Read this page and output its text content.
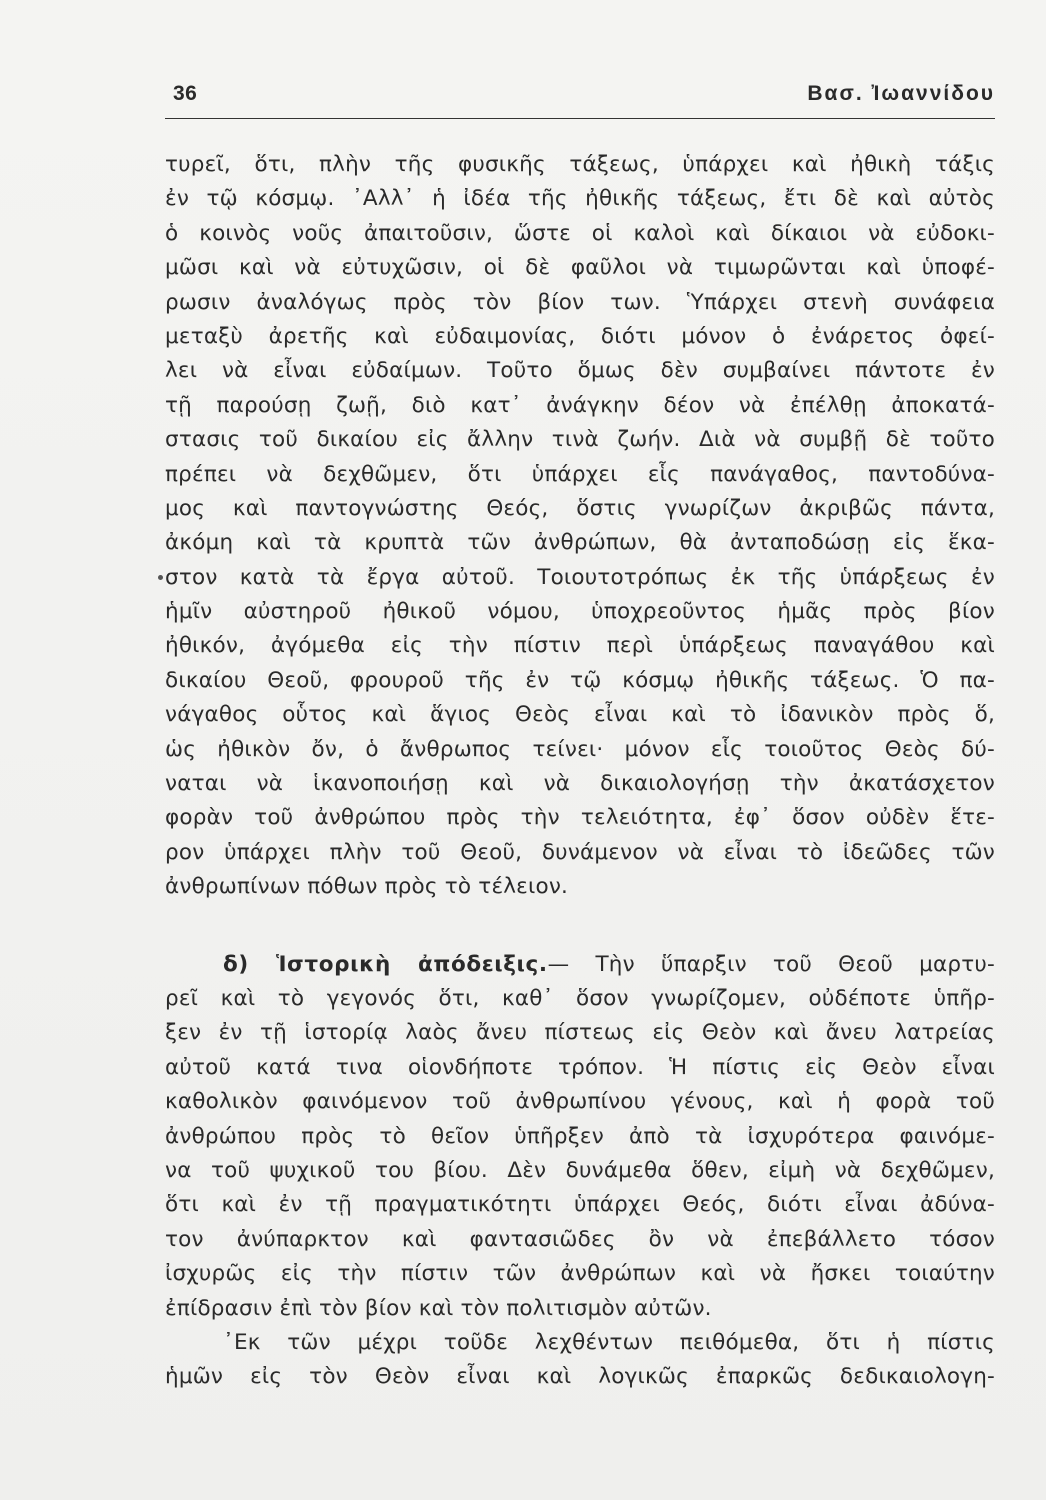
36	Βασ. Ἰωαννίδου
τυρεῖ, ὅτι, πλὴν τῆς φυσικῆς τάξεως, ὑπάρχει καὶ ἠθικὴ τάξις
ἐν τῷ κόσμῳ. ᾽Αλλ᾽ ἡ ἰδέα τῆς ἠθικῆς τάξεως, ἔτι δὲ καὶ αὐτὸς
ὁ κοινὸς νοῦς ἀπαιτοῦσιν, ὥστε οἱ καλοὶ καὶ δίκαιοι νὰ εὐδοκι-
μῶσι καὶ νὰ εὐτυχῶσιν, οἱ δὲ φαῦλοι νὰ τιμωρῶνται καὶ ὑποφέ-
ρωσιν ἀναλόγως πρὸς τὸν βίον των. Ὑπάρχει στενὴ συνάφεια
μεταξὺ ἀρετῆς καὶ εὐδαιμονίας, διότι μόνον ὁ ἐνάρετος ὀφεί-
λει νὰ εἶναι εὐδαίμων. Τοῦτο ὅμως δὲν συμβαίνει πάντοτε ἐν
τῇ παρούσῃ ζωῇ, διὸ κατ᾽ ἀνάγκην δέον νὰ ἐπέλθῃ ἀποκατά-
στασις τοῦ δικαίου εἰς ἄλλην τινὰ ζωήν. Διὰ νὰ συμβῇ δὲ τοῦτο
πρέπει νὰ δεχθῶμεν, ὅτι ὑπάρχει εἷς πανάγαθος, παντοδύνα-
μος καὶ παντογνώστης Θεός, ὅστις γνωρίζων ἀκριβῶς πάντα,
ἀκόμη καὶ τὰ κρυπτὰ τῶν ἀνθρώπων, θὰ ἀνταποδώσῃ εἰς ἕκα-
στον κατὰ τὰ ἔργα αὐτοῦ. Τοιουτοτρόπως ἐκ τῆς ὑπάρξεως ἐν
ἡμῖν αὐστηροῦ ἠθικοῦ νόμου, ὑποχρεοῦντος ἡμᾶς πρὸς βίον
ἠθικόν, ἀγόμεθα εἰς τὴν πίστιν περὶ ὑπάρξεως παναγάθου καὶ
δικαίου Θεοῦ, φρουροῦ τῆς ἐν τῷ κόσμῳ ἠθικῆς τάξεως. Ὁ πα-
νάγαθος οὗτος καὶ ἅγιος Θεὸς εἶναι καὶ τὸ ἰδανικὸν πρὸς ὅ,
ὡς ἠθικὸν ὄν, ὁ ἄνθρωπος τείνει· μόνον εἷς τοιοῦτος Θεὸς δύ-
ναται νὰ ἱκανοποιήσῃ καὶ νὰ δικαιολογήσῃ τὴν ἀκατάσχετον
φορὰν τοῦ ἀνθρώπου πρὸς τὴν τελειότητα, ἐφ᾽ ὅσον οὐδὲν ἕτε-
ρον ὑπάρχει πλὴν τοῦ Θεοῦ, δυνάμενον νὰ εἶναι τὸ ἰδεῶδες τῶν
ἀνθρωπίνων πόθων πρὸς τὸ τέλειον.
δ) Ἱστορικὴ ἀπόδειξις.— Τὴν ὕπαρξιν τοῦ Θεοῦ μαρτυ-
ρεῖ καὶ τὸ γεγονός ὅτι, καθ᾽ ὅσον γνωρίζομεν, οὐδέποτε ὑπῆρ-
ξεν ἐν τῇ ἱστορίᾳ λαὸς ἄνευ πίστεως εἰς Θεὸν καὶ ἄνευ λατρείας
αὐτοῦ κατά τινα οἱονδήποτε τρόπον. Ἡ πίστις εἰς Θεὸν εἶναι
καθολικὸν φαινόμενον τοῦ ἀνθρωπίνου γένους, καὶ ἡ φορὰ τοῦ
ἀνθρώπου πρὸς τὸ θεῖον ὑπῆρξεν ἀπὸ τὰ ἰσχυρότερα φαινόμε-
να τοῦ ψυχικοῦ του βίου. Δὲν δυνάμεθα ὅθεν, εἰμὴ νὰ δεχθῶμεν,
ὅτι καὶ ἐν τῇ πραγματικότητι ὑπάρχει Θεός, διότι εἶναι ἀδύνα-
τον ἀνύπαρκτον καὶ φαντασιῶδες ὂν νὰ ἐπεβάλλετο τόσον
ἰσχυρῶς εἰς τὴν πίστιν τῶν ἀνθρώπων καὶ νὰ ἤσκει τοιαύτην
ἐπίδρασιν ἐπὶ τὸν βίον καὶ τὸν πολιτισμὸν αὐτῶν.
᾽Εκ τῶν μέχρι τοῦδε λεχθέντων πειθόμεθα, ὅτι ἡ πίστις
ἡμῶν εἰς τὸν Θεὸν εἶναι καὶ λογικῶς ἐπαρκῶς δεδικαιολογη-
